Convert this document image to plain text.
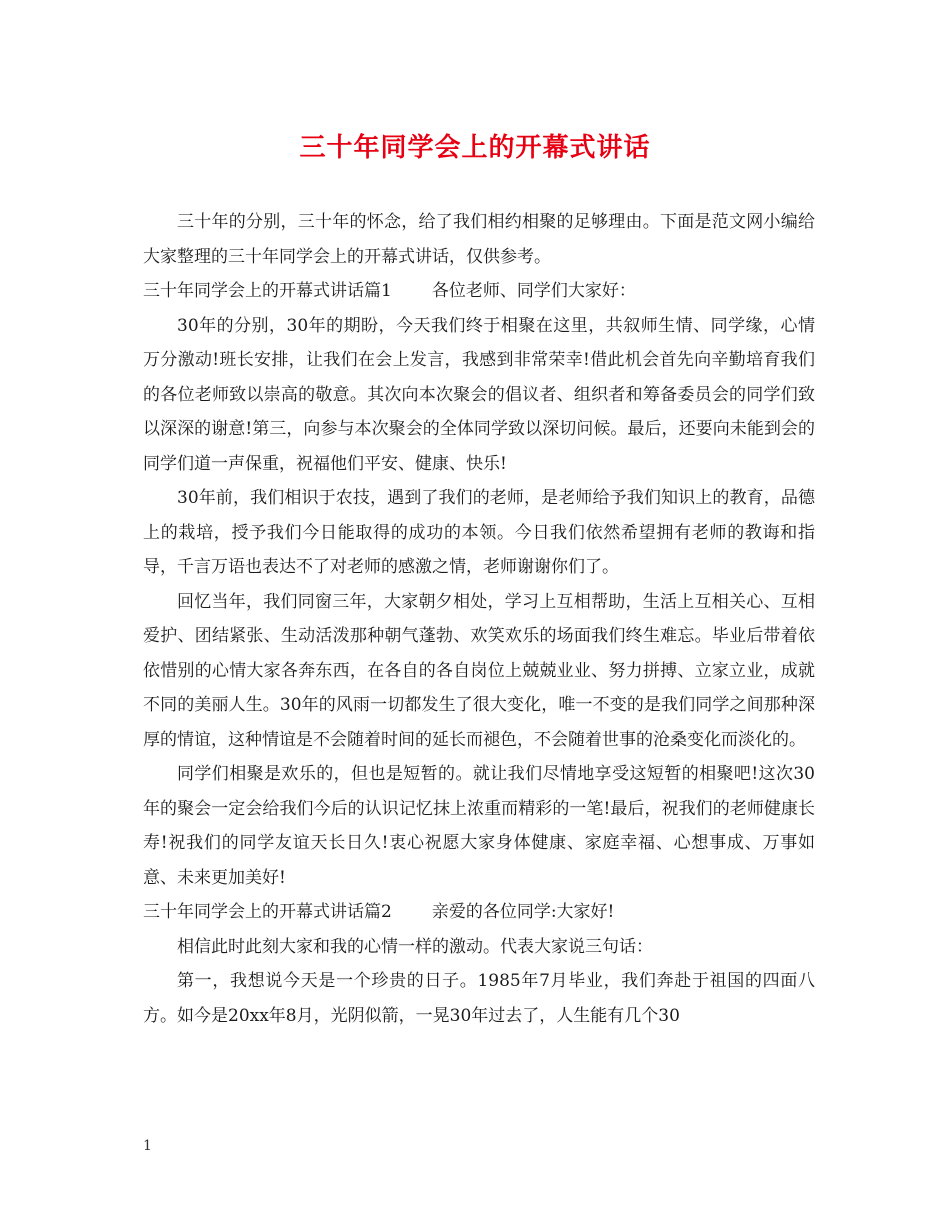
三十年同学会上的开幕式讲话

三十年的分别，三十年的怀念，给了我们相约相聚的足够理由。下面是范文网小编给大家整理的三十年同学会上的开幕式讲话，仅供参考。

三十年同学会上的开幕式讲话篇1 各位老师、同学们大家好：

30年的分别，30年的期盼，今天我们终于相聚在这里，共叙师生情、同学缘，心情万分激动!班长安排，让我们在会上发言，我感到非常荣幸!借此机会首先向辛勤培育我们的各位老师致以崇高的敬意。其次向本次聚会的倡议者、组织者和筹备委员会的同学们致以深深的谢意!第三，向参与本次聚会的全体同学致以深切问候。最后，还要向未能到会的同学们道一声保重，祝福他们平安、健康、快乐!

30年前，我们相识于农技，遇到了我们的老师，是老师给予我们知识上的教育，品德上的栽培，授予我们今日能取得的成功的本领。今日我们依然希望拥有老师的教诲和指导，千言万语也表达不了对老师的感激之情，老师谢谢你们了。

回忆当年，我们同窗三年，大家朝夕相处，学习上互相帮助，生活上互相关心、互相爱护、团结紧张、生动活泼那种朝气蓬勃、欢笑欢乐的场面我们终生难忘。毕业后带着依依惜别的心情大家各奔东西，在各自的各自岗位上兢兢业业、努力拼搏、立家立业，成就不同的美丽人生。30年的风雨一切都发生了很大变化，唯一不变的是我们同学之间那种深厚的情谊，这种情谊是不会随着时间的延长而褪色，不会随着世事的沧桑变化而淡化的。

同学们相聚是欢乐的，但也是短暂的。就让我们尽情地享受这短暂的相聚吧!这次30年的聚会一定会给我们今后的认识记忆抹上浓重而精彩的一笔!最后，祝我们的老师健康长寿!祝我们的同学友谊天长日久!衷心祝愿大家身体健康、家庭幸福、心想事成、万事如意、未来更加美好!

三十年同学会上的开幕式讲话篇2 亲爱的各位同学:大家好!

相信此时此刻大家和我的心情一样的激动。代表大家说三句话：

第一，我想说今天是一个珍贵的日子。1985年7月毕业，我们奔赴于祖国的四面八方。如今是20xx年8月，光阴似箭，一晃30年过去了，人生能有几个30

1
